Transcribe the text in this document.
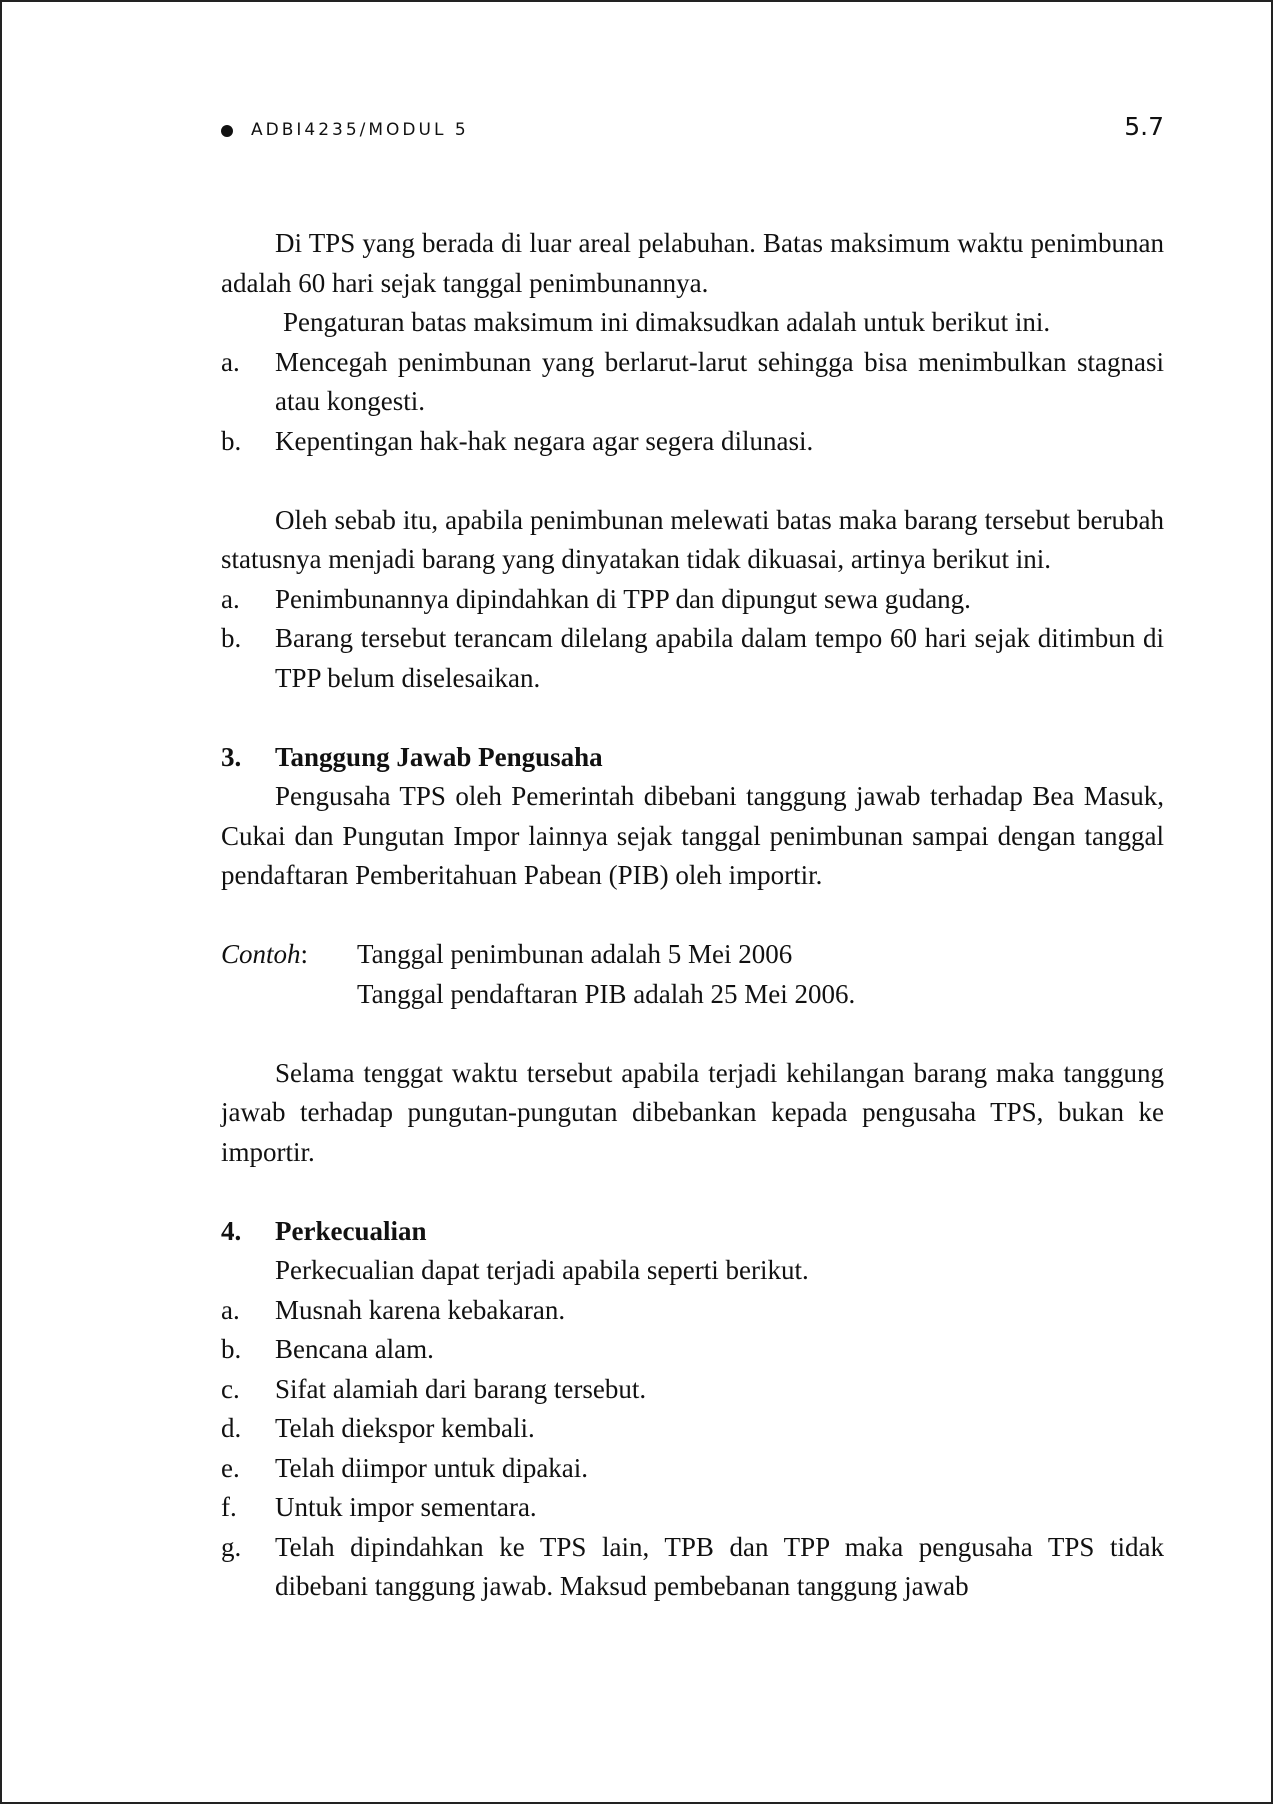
ADBI4235/MODUL 5	5.7

Di TPS yang berada di luar areal pelabuhan. Batas maksimum waktu penimbunan adalah 60 hari sejak tanggal penimbunannya.

Pengaturan batas maksimum ini dimaksudkan adalah untuk berikut ini.

a.	Mencegah penimbunan yang berlarut-larut sehingga bisa menimbulkan stagnasi atau kongesti.
b.	Kepentingan hak-hak negara agar segera dilunasi.

Oleh sebab itu, apabila penimbunan melewati batas maka barang tersebut berubah statusnya menjadi barang yang dinyatakan tidak dikuasai, artinya berikut ini.

a.	Penimbunannya dipindahkan di TPP dan dipungut sewa gudang.
b.	Barang tersebut terancam dilelang apabila dalam tempo 60 hari sejak ditimbun di TPP belum diselesaikan.
3.	Tanggung Jawab Pengusaha

Pengusaha TPS oleh Pemerintah dibebani tanggung jawab terhadap Bea Masuk, Cukai dan Pungutan Impor lainnya sejak tanggal penimbunan sampai dengan tanggal pendaftaran Pemberitahuan Pabean (PIB) oleh importir.

Contoh:	Tanggal penimbunan adalah 5 Mei 2006
Tanggal pendaftaran PIB adalah 25 Mei 2006.

Selama tenggat waktu tersebut apabila terjadi kehilangan barang maka tanggung jawab terhadap pungutan-pungutan dibebankan kepada pengusaha TPS, bukan ke importir.

4.	Perkecualian

Perkecualian dapat terjadi apabila seperti berikut.

a.	Musnah karena kebakaran.
b.	Bencana alam.
c.	Sifat alamiah dari barang tersebut.
d.	Telah diekspor kembali.
e.	Telah diimpor untuk dipakai.
f.	Untuk impor sementara.
g.	Telah dipindahkan ke TPS lain, TPB dan TPP maka pengusaha TPS tidak dibebani tanggung jawab. Maksud pembebanan tanggung jawab
